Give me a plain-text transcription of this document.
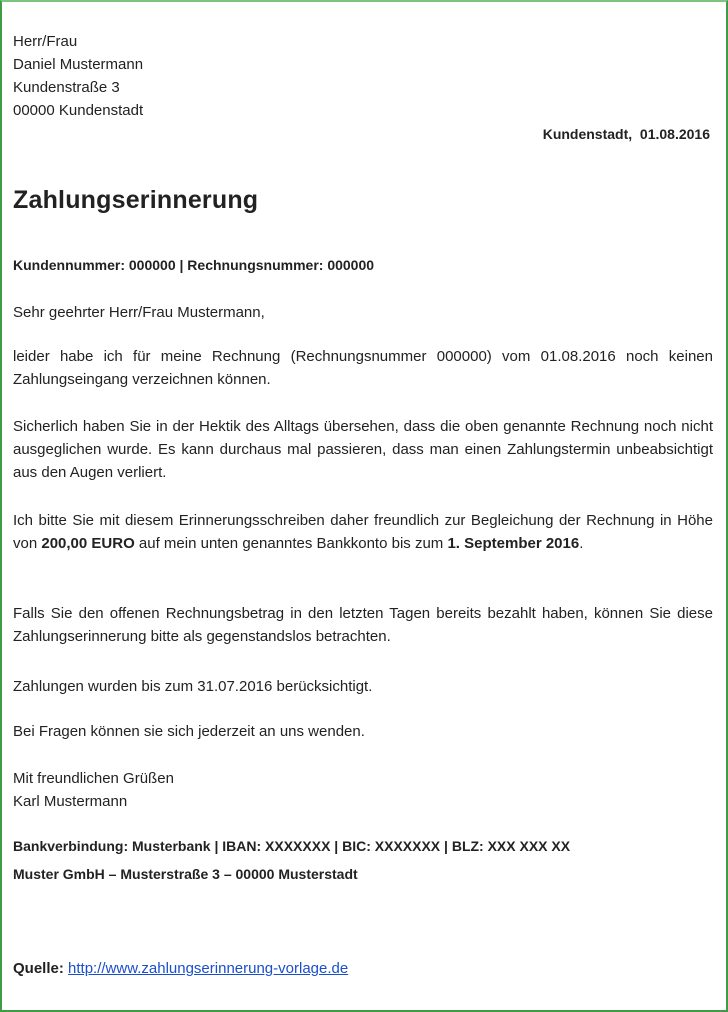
Herr/Frau
Daniel Mustermann
Kundenstraße 3
00000 Kundenstadt
Kundenstadt,  01.08.2016
Zahlungserinnerung
Kundennummer: 000000 | Rechnungsnummer: 000000
Sehr geehrter Herr/Frau Mustermann,
leider habe ich für meine Rechnung (Rechnungsnummer 000000) vom 01.08.2016 noch keinen Zahlungseingang verzeichnen können.
Sicherlich haben Sie in der Hektik des Alltags übersehen, dass die oben genannte Rechnung noch nicht ausgeglichen wurde. Es kann durchaus mal passieren, dass man einen Zahlungstermin unbeabsichtigt aus den Augen verliert.
Ich bitte Sie mit diesem Erinnerungsschreiben daher freundlich zur Begleichung der Rechnung in Höhe von 200,00 EURO auf mein unten genanntes Bankkonto bis zum 1. September 2016.
Falls Sie den offenen Rechnungsbetrag in den letzten Tagen bereits bezahlt haben, können Sie diese Zahlungserinnerung bitte als gegenstandslos betrachten.
Zahlungen wurden bis zum 31.07.2016 berücksichtigt.
Bei Fragen können sie sich jederzeit an uns wenden.
Mit freundlichen Grüßen
Karl Mustermann
Bankverbindung: Musterbank | IBAN: XXXXXXX | BIC: XXXXXXX | BLZ: XXX XXX XX
Muster GmbH – Musterstraße 3 – 00000 Musterstadt
Quelle: http://www.zahlungserinnerung-vorlage.de
